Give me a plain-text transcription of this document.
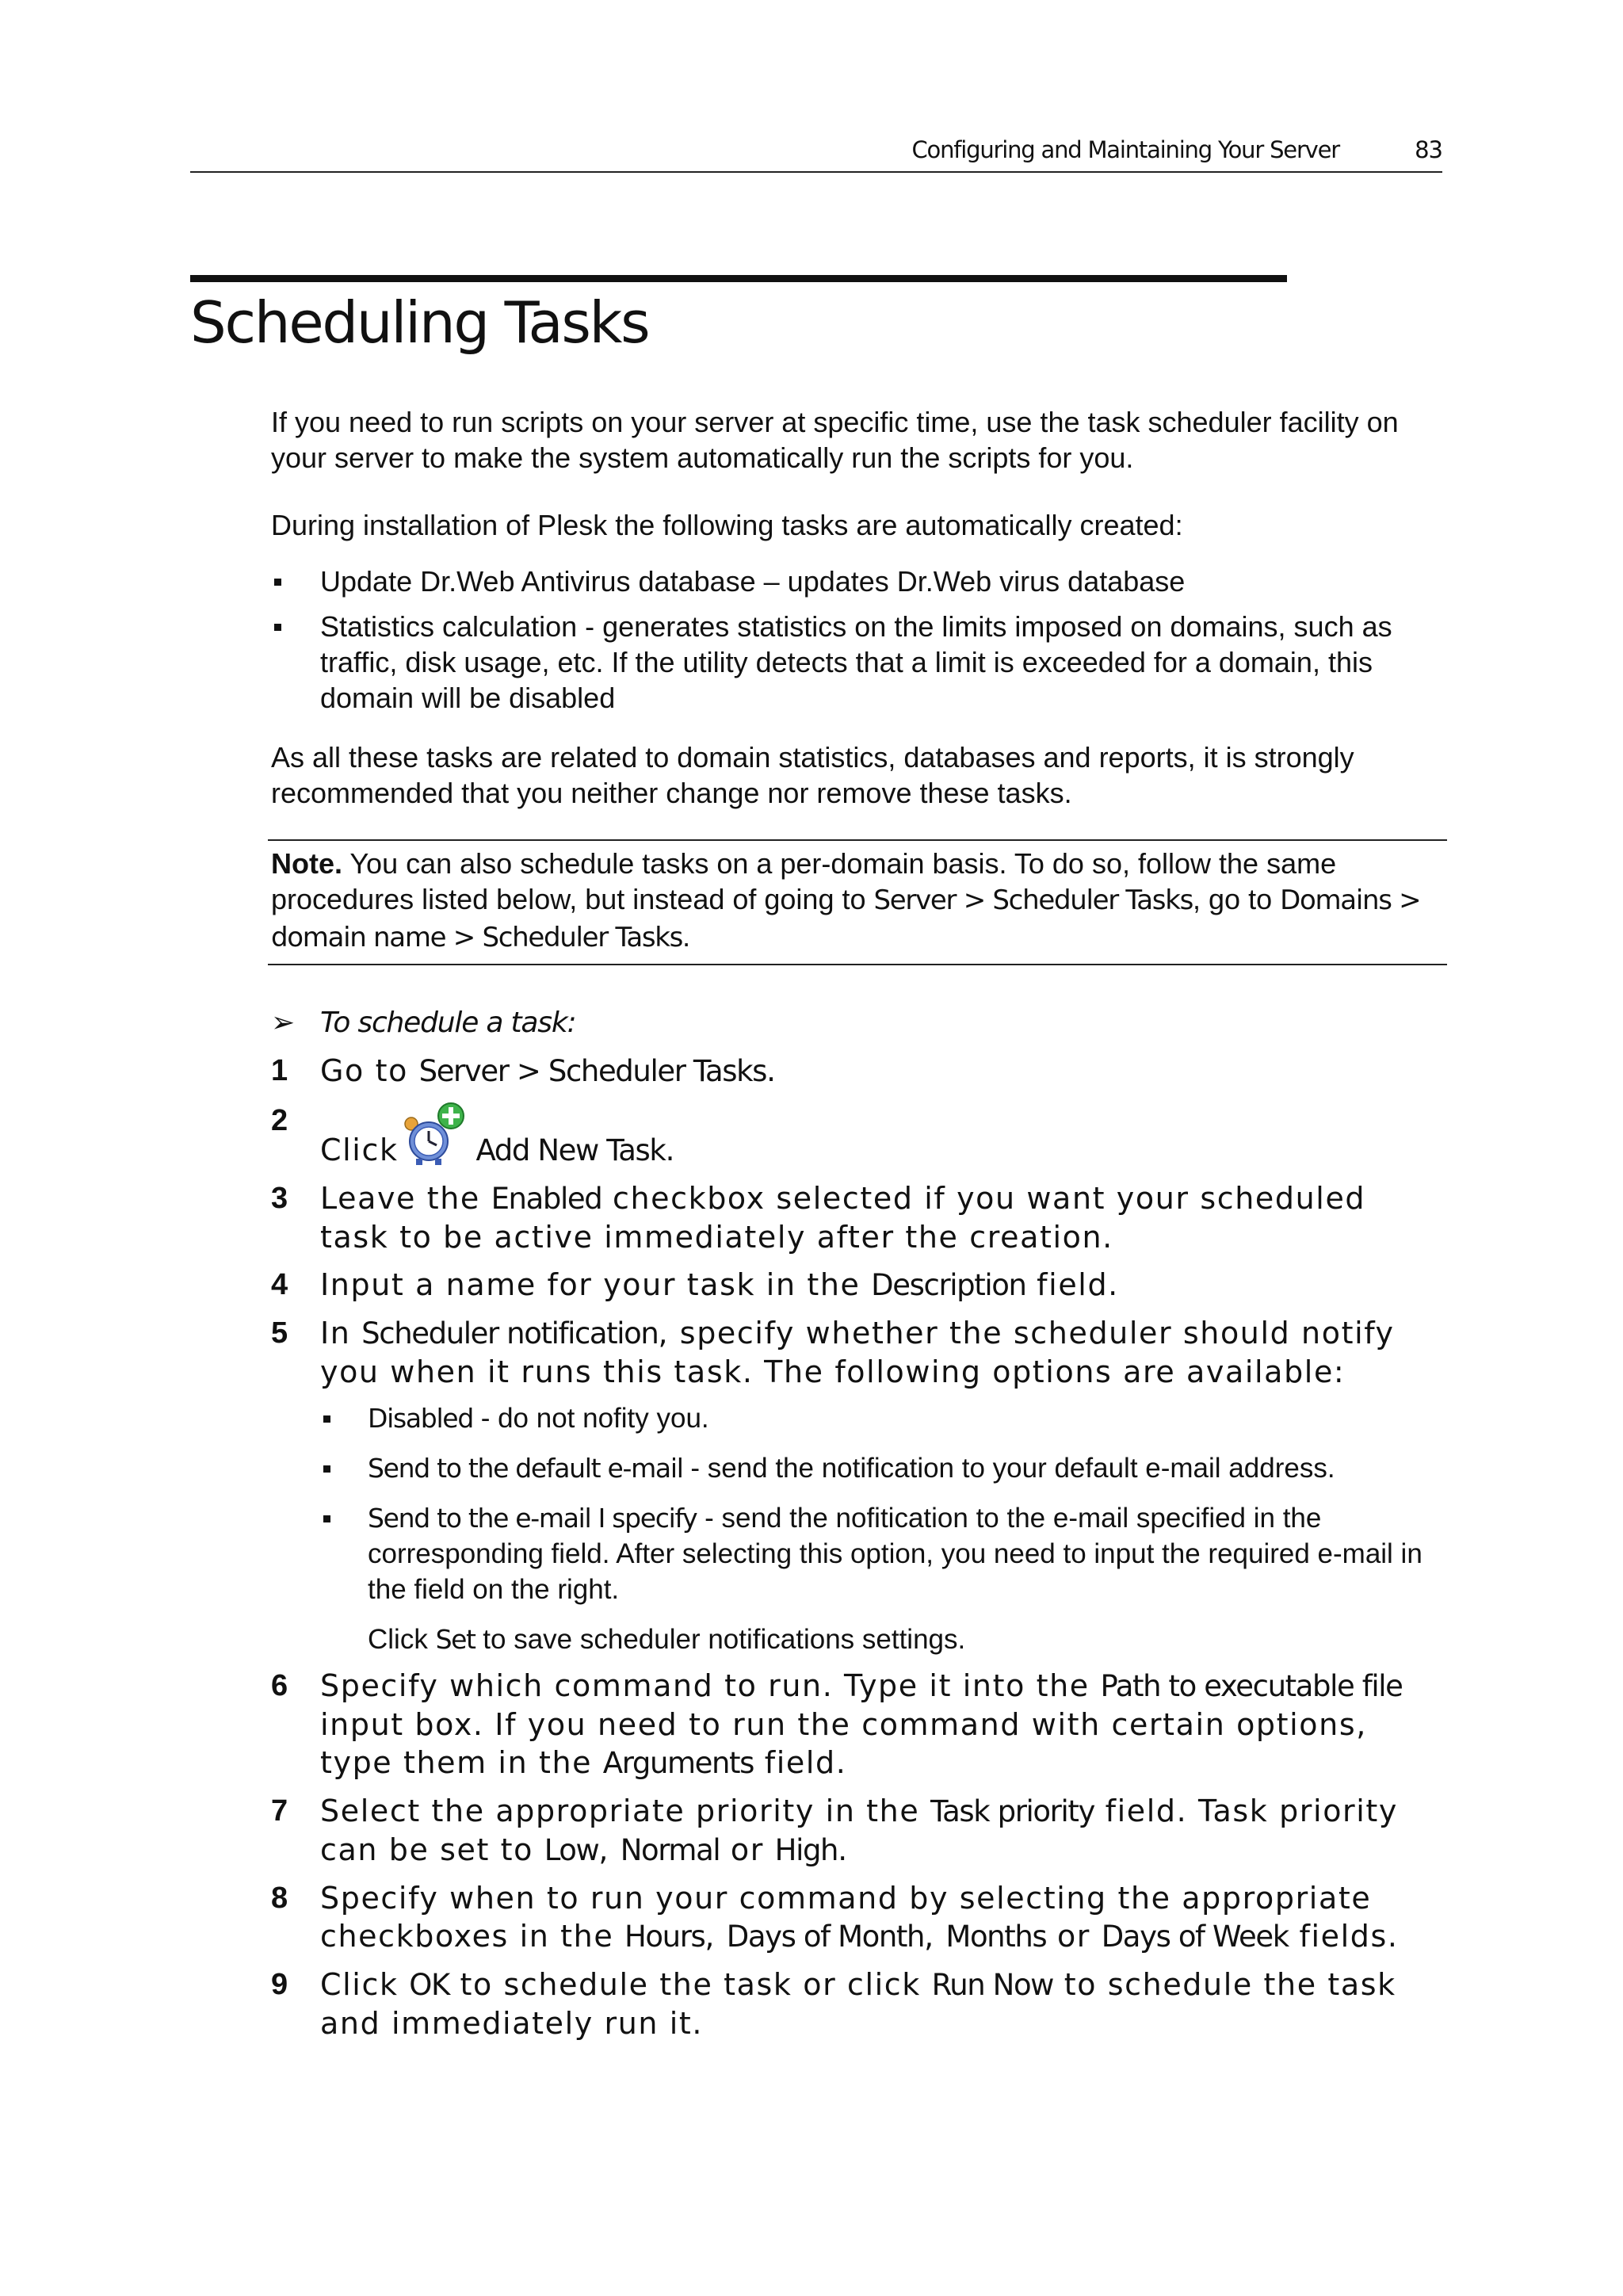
Configuring and Maintaining Your Server	83
Scheduling Tasks

If you need to run scripts on your server at specific time, use the task scheduler facility on your server to make the system automatically run the scripts for you.

During installation of Plesk the following tasks are automatically created:

Update Dr.Web Antivirus database – updates Dr.Web virus database
Statistics calculation - generates statistics on the limits imposed on domains, such as traffic, disk usage, etc. If the utility detects that a limit is exceeded for a domain, this domain will be disabled

As all these tasks are related to domain statistics, databases and reports, it is strongly recommended that you neither change nor remove these tasks.

Note. You can also schedule tasks on a per-domain basis. To do so, follow the same procedures listed below, but instead of going to Server > Scheduler Tasks, go to Domains > domain name > Scheduler Tasks.
➢ To schedule a task:
1 Go to Server > Scheduler Tasks.
2
Click	Add New Task.
3 Leave the Enabled checkbox selected if you want your scheduled task to be active immediately after the creation.
4 Input a name for your task in the Description field.
5 In Scheduler notification, specify whether the scheduler should notify you when it runs this task. The following options are available:
Disabled - do not nofity you.
Send to the default e-mail - send the notification to your default e-mail address.
Send to the e-mail I specify - send the nofitication to the e-mail specified in the corresponding field. After selecting this option, you need to input the required e-mail in the field on the right.

Click Set to save scheduler notifications settings.

6 Specify which command to run. Type it into the Path to executable file input box. If you need to run the command with certain options, type them in the Arguments field.
7 Select the appropriate priority in the Task priority field. Task priority can be set to Low, Normal or High.
8 Specify when to run your command by selecting the appropriate checkboxes in the Hours, Days of Month, Months or Days of Week fields.
9 Click OK to schedule the task or click Run Now to schedule the task and immediately run it.
